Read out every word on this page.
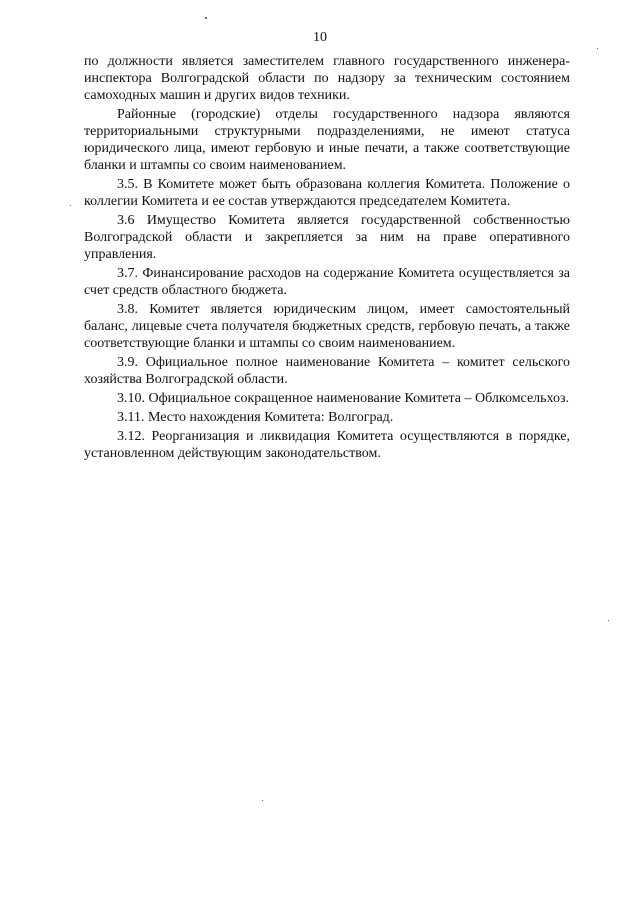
10

по должности является заместителем главного государственного инженера-инспектора Волгоградской области по надзору за техническим состоянием самоходных машин и других видов техники.

Районные (городские) отделы государственного надзора являются территориальными структурными подразделениями, не имеют статуса юридического лица, имеют гербовую и иные печати, а также соответствующие бланки и штампы со своим наименованием.

3.5. В Комитете может быть образована коллегия Комитета. Положение о коллегии Комитета и ее состав утверждаются председателем Комитета.

3.6 Имущество Комитета является государственной собственностью Волгоградской области и закрепляется за ним на праве оперативного управления.

3.7. Финансирование расходов на содержание Комитета осуществляется за счет средств областного бюджета.

3.8. Комитет является юридическим лицом, имеет самостоятельный баланс, лицевые счета получателя бюджетных средств, гербовую печать, а также соответствующие бланки и штампы со своим наименованием.

3.9. Официальное полное наименование Комитета – комитет сельского хозяйства Волгоградской области.

3.10. Официальное сокращенное наименование Комитета – Облкомсельхоз.

3.11. Место нахождения Комитета: Волгоград.

3.12. Реорганизация и ликвидация Комитета осуществляются в порядке, установленном действующим законодательством.
